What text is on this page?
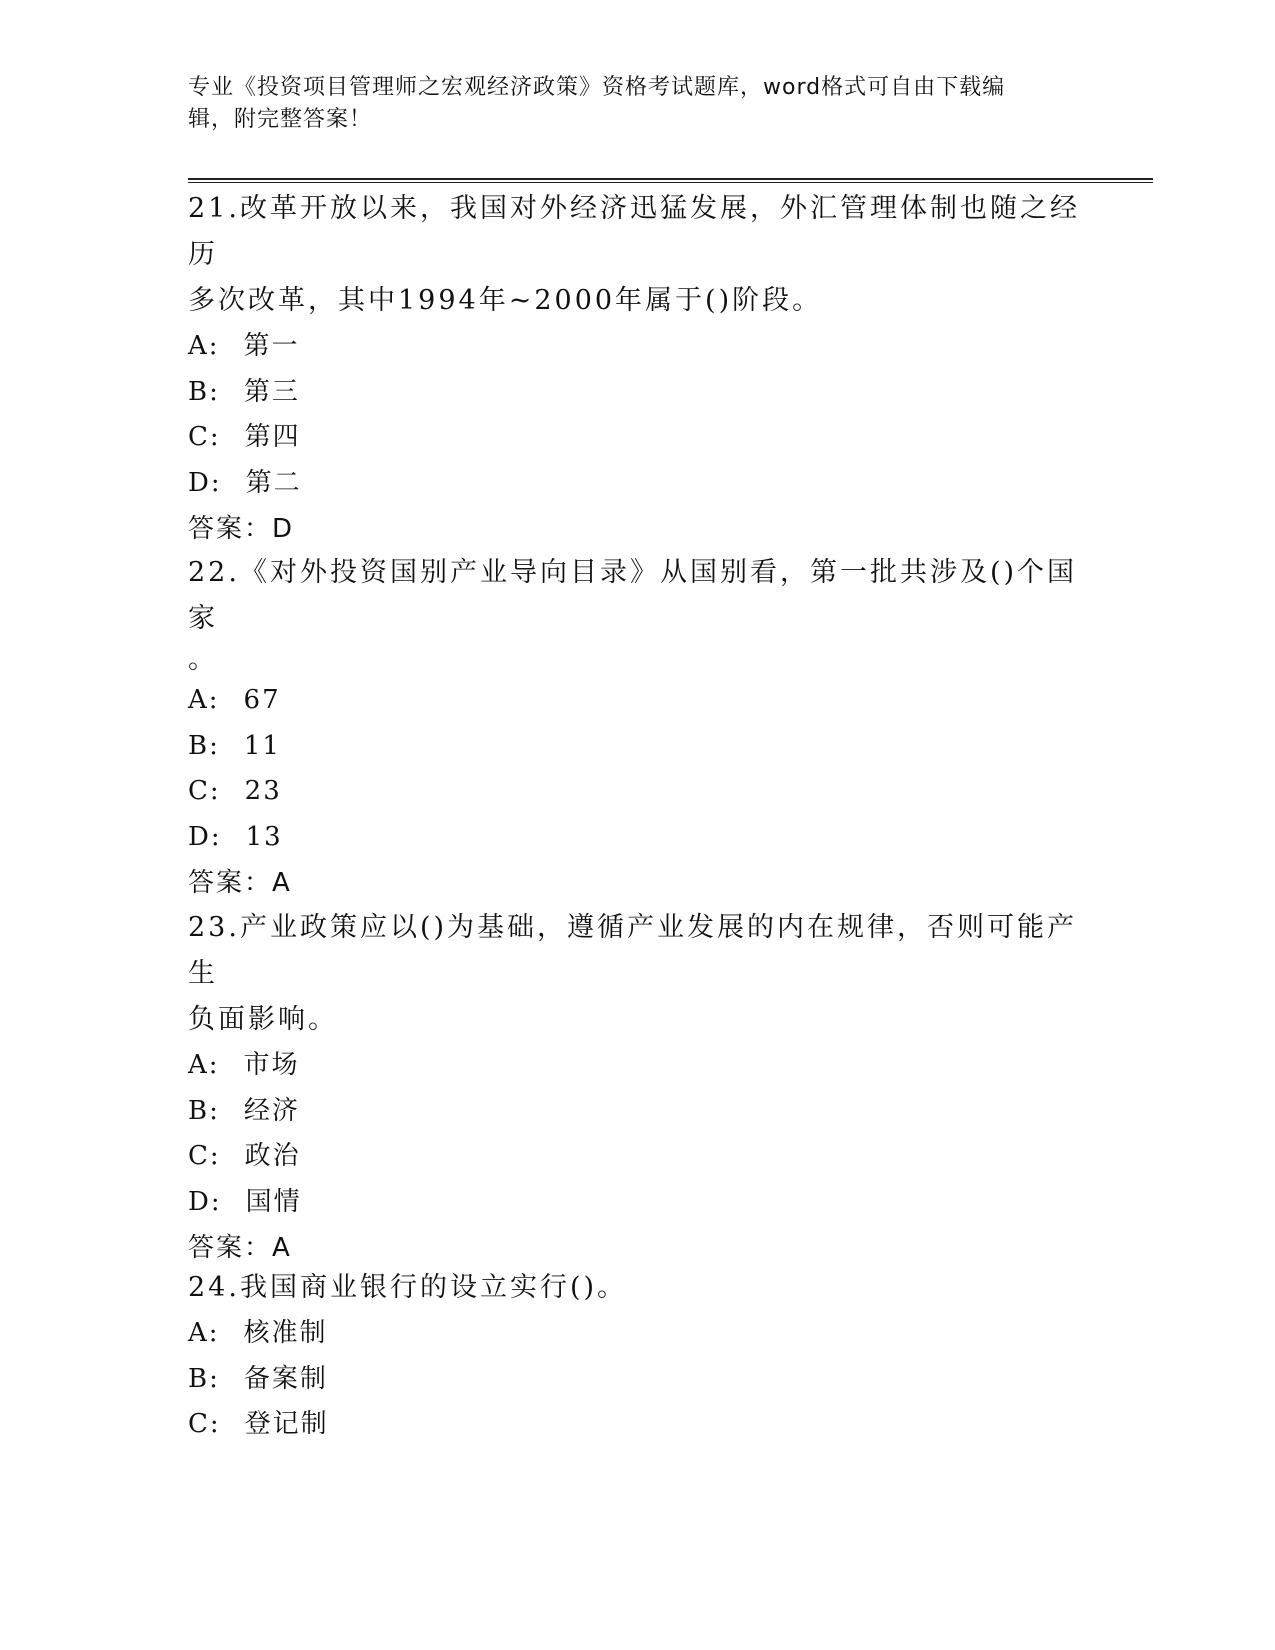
专业《投资项目管理师之宏观经济政策》资格考试题库，word格式可自由下载编
辑，附完整答案！

21.改革开放以来，我国对外经济迅猛发展，外汇管理体制也随之经历

多次改革，其中1994年~2000年属于()阶段。

A: 第一

B: 第三

C: 第四

D: 第二

答案：D

22.《对外投资国别产业导向目录》从国别看，第一批共涉及()个国家

。

A: 67

B: 11

C: 23

D: 13

答案：A

23.产业政策应以()为基础，遵循产业发展的内在规律，否则可能产生

负面影响。

A: 市场

B: 经济

C: 政治

D: 国情

答案：A

24.我国商业银行的设立实行()。

A: 核准制

B: 备案制

C: 登记制
